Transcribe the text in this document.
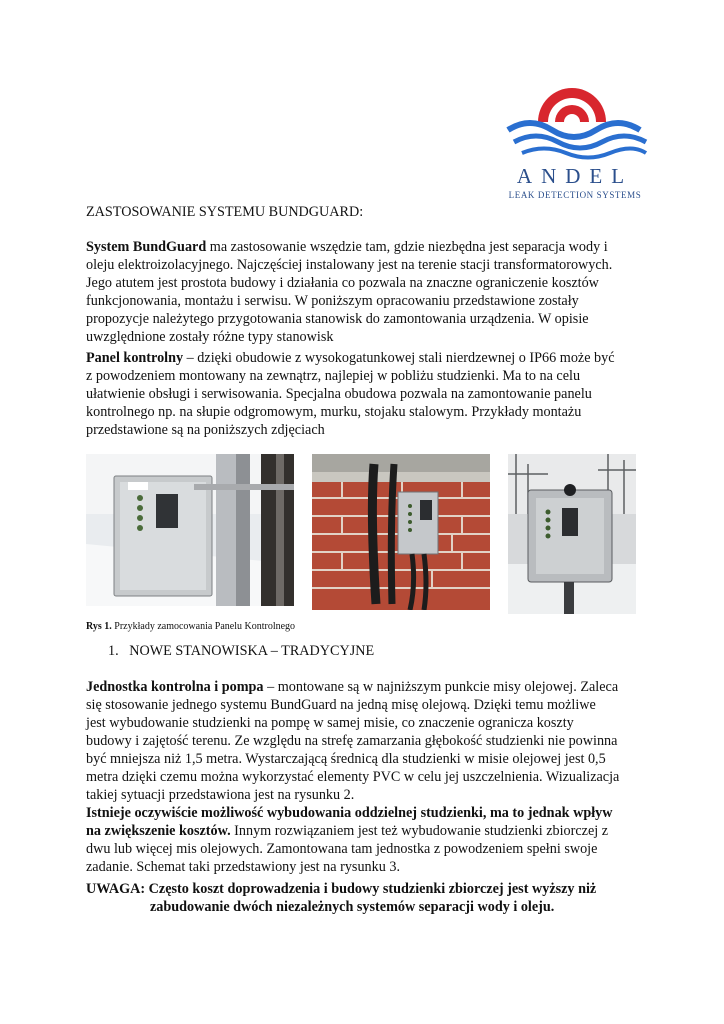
ANDEL
LEAK DETECTION SYSTEMS
ZASTOSOWANIE SYSTEMU BUNDGUARD:
System BundGuard ma zastosowanie wszędzie tam, gdzie niezbędna jest separacja wody i
oleju elektroizolacyjnego. Najczęściej instalowany jest na terenie stacji transformatorowych.
Jego atutem jest prostota budowy i działania co pozwala na znaczne ograniczenie kosztów
funkcjonowania, montażu i serwisu. W poniższym opracowaniu przedstawione zostały
propozycje należytego przygotowania stanowisk do zamontowania urządzenia. W opisie
uwzględnione zostały różne typy stanowisk
Panel kontrolny – dzięki obudowie z wysokogatunkowej stali nierdzewnej o IP66 może być
z powodzeniem montowany na zewnątrz, najlepiej w pobliżu studzienki. Ma to na celu
ułatwienie obsługi i serwisowania. Specjalna obudowa pozwala na zamontowanie panelu
kontrolnego np. na słupie odgromowym, murku, stojaku stalowym. Przykłady montażu
przedstawione są na poniższych zdjęciach
Rys 1. Przykłady zamocowania Panelu Kontrolnego
1. NOWE STANOWISKA – TRADYCYJNE
Jednostka kontrolna i pompa – montowane są w najniższym punkcie misy olejowej. Zaleca
się stosowanie jednego systemu BundGuard na jedną misę olejową. Dzięki temu możliwe
jest wybudowanie studzienki na pompę w samej misie, co znaczenie ogranicza koszty
budowy i zajętość terenu. Ze względu na strefę zamarzania głębokość studzienki nie powinna
być mniejsza niż 1,5 metra. Wystarczającą średnicą dla studzienki w misie olejowej jest 0,5
metra dzięki czemu można wykorzystać elementy PVC w celu jej uszczelnienia. Wizualizacja
takiej sytuacji przedstawiona jest na rysunku 2.
Istnieje oczywiście możliwość wybudowania oddzielnej studzienki, ma to jednak wpływ
na zwiększenie kosztów. Innym rozwiązaniem jest też wybudowanie studzienki zbiorczej z
dwu lub więcej mis olejowych. Zamontowana tam jednostka z powodzeniem spełni swoje
zadanie. Schemat taki przedstawiony jest na rysunku 3.
UWAGA: Często koszt doprowadzenia i budowy studzienki zbiorczej jest wyższy niż

zabudowanie dwóch niezależnych systemów separacji wody i oleju.
